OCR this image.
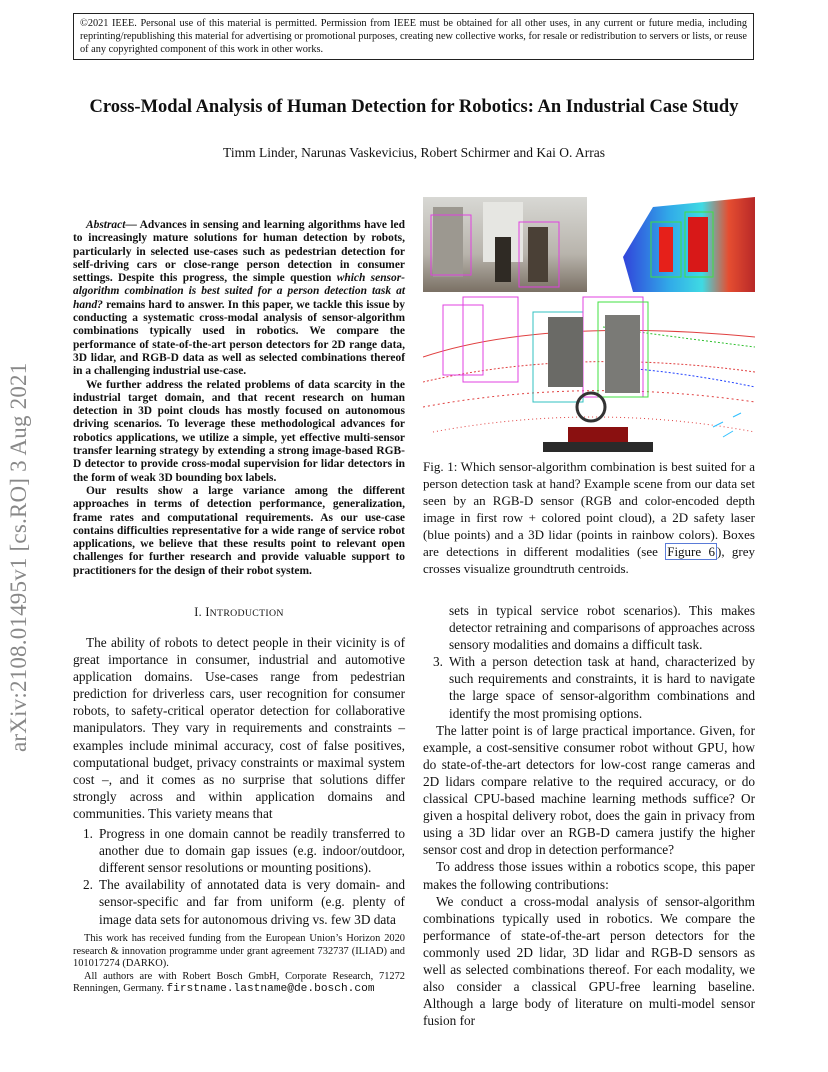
©2021 IEEE. Personal use of this material is permitted. Permission from IEEE must be obtained for all other uses, in any current or future media, including reprinting/republishing this material for advertising or promotional purposes, creating new collective works, for resale or redistribution to servers or lists, or reuse of any copyrighted component of this work in other works.
Cross-Modal Analysis of Human Detection for Robotics: An Industrial Case Study
Timm Linder, Narunas Vaskevicius, Robert Schirmer and Kai O. Arras
arXiv:2108.01495v1 [cs.RO] 3 Aug 2021

Abstract— Advances in sensing and learning algorithms have led to increasingly mature solutions for human detection by robots, particularly in selected use-cases such as pedestrian detection for self-driving cars or close-range person detection in consumer settings. Despite this progress, the simple question which sensor-algorithm combination is best suited for a person detection task at hand? remains hard to answer. In this paper, we tackle this issue by conducting a systematic cross-modal analysis of sensor-algorithm combinations typically used in robotics. We compare the performance of state-of-the-art person detectors for 2D range data, 3D lidar, and RGB-D data as well as selected combinations thereof in a challenging industrial use-case.

We further address the related problems of data scarcity in the industrial target domain, and that recent research on human detection in 3D point clouds has mostly focused on autonomous driving scenarios. To leverage these methodological advances for robotics applications, we utilize a simple, yet effective multi-sensor transfer learning strategy by extending a strong image-based RGB-D detector to provide cross-modal supervision for lidar detectors in the form of weak 3D bounding box labels.

Our results show a large variance among the different approaches in terms of detection performance, generalization, frame rates and computational requirements. As our use-case contains difficulties representative for a wide range of service robot applications, we believe that these results point to relevant open challenges for further research and provide valuable support to practitioners for the design of their robot system.

I. INTRODUCTION

The ability of robots to detect people in their vicinity is of great importance in consumer, industrial and automotive application domains. Use-cases range from pedestrian prediction for driverless cars, user recognition for consumer robots, to safety-critical operator detection for collaborative manipulators. They vary in requirements and constraints – examples include minimal accuracy, cost of false positives, computational budget, privacy constraints or maximal system cost –, and it comes as no surprise that solutions differ strongly across and within application domains and communities. This variety means that

1. Progress in one domain cannot be readily transferred to another due to domain gap issues (e.g. indoor/outdoor, different sensor resolutions or mounting positions).
2. The availability of annotated data is very domain- and sensor-specific and far from uniform (e.g. plenty of image data sets for autonomous driving vs. few 3D data

This work has received funding from the European Union’s Horizon 2020 research & innovation programme under grant agreement 732737 (ILIAD) and 101017274 (DARKO).

All authors are with Robert Bosch GmbH, Corporate Research, 71272 Renningen, Germany. firstname.lastname@de.bosch.com

Fig. 1: Which sensor-algorithm combination is best suited for a person detection task at hand? Example scene from our data set seen by an RGB-D sensor (RGB and color-encoded depth image in first row + colored point cloud), a 2D safety laser (blue points) and a 3D lidar (points in rainbow colors). Boxes are detections in different modalities (see Figure 6 ), grey crosses visualize groundtruth centroids.
sets in typical service robot scenarios). This makes detector retraining and comparisons of approaches across sensory modalities and domains a difficult task.
3. With a person detection task at hand, characterized by such requirements and constraints, it is hard to navigate the large space of sensor-algorithm combinations and identify the most promising options.

The latter point is of large practical importance. Given, for example, a cost-sensitive consumer robot without GPU, how do state-of-the-art detectors for low-cost range cameras and 2D lidars compare relative to the required accuracy, or do classical CPU-based machine learning methods suffice? Or given a hospital delivery robot, does the gain in privacy from using a 3D lidar over an RGB-D camera justify the higher sensor cost and drop in detection performance?

To address those issues within a robotics scope, this paper makes the following contributions:

We conduct a cross-modal analysis of sensor-algorithm combinations typically used in robotics. We compare the performance of state-of-the-art person detectors for the commonly used 2D lidar, 3D lidar and RGB-D sensors as well as selected combinations thereof. For each modality, we also consider a classical GPU-free learning baseline. Although a large body of literature on multi-model sensor fusion for
